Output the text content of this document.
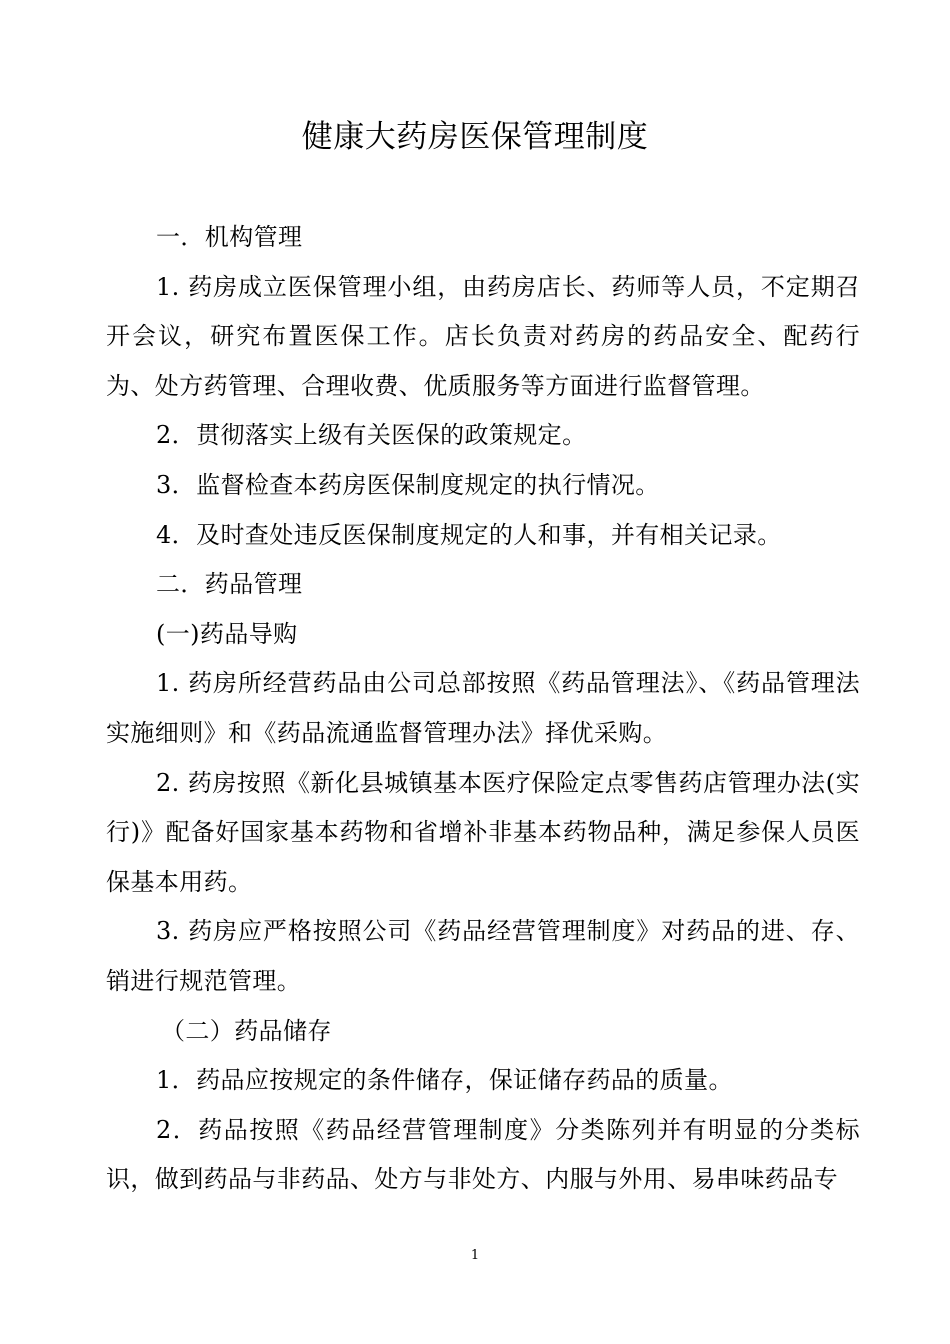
健康大药房医保管理制度

一．机构管理

1. 药房成立医保管理小组，由药房店长、药师等人员，不定期召开会议，研究布置医保工作。店长负责对药房的药品安全、配药行为、处方药管理、合理收费、优质服务等方面进行监督管理。

2．贯彻落实上级有关医保的政策规定。

3．监督检查本药房医保制度规定的执行情况。

4．及时查处违反医保制度规定的人和事，并有相关记录。

二．药品管理

(一)药品导购

1. 药房所经营药品由公司总部按照《药品管理法》、《药品管理法实施细则》和《药品流通监督管理办法》择优采购。

2. 药房按照《新化县城镇基本医疗保险定点零售药店管理办法(实行)》配备好国家基本药物和省增补非基本药物品种，满足参保人员医保基本用药。

3. 药房应严格按照公司《药品经营管理制度》对药品的进、存、销进行规范管理。

（二）药品储存

1．药品应按规定的条件储存，保证储存药品的质量。

2．药品按照《药品经营管理制度》分类陈列并有明显的分类标识，做到药品与非药品、处方与非处方、内服与外用、易串味药品专

1
